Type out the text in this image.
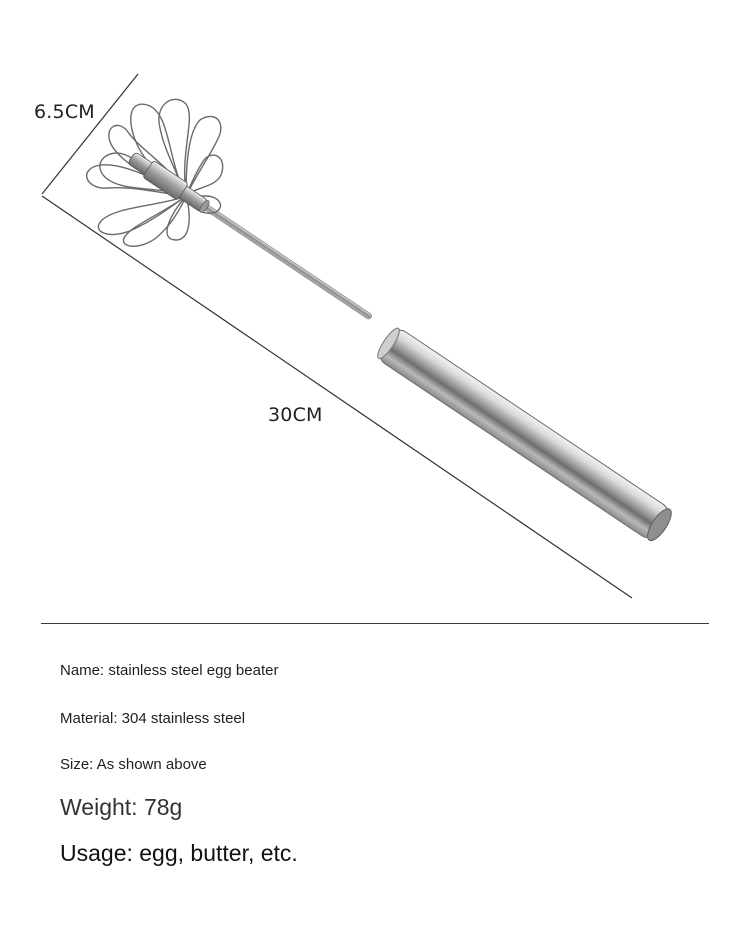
6.5CM
30CM
Name: stainless steel egg beater
Material: 304 stainless steel
Size: As shown above
Weight: 78g
Usage: egg, butter, etc.
